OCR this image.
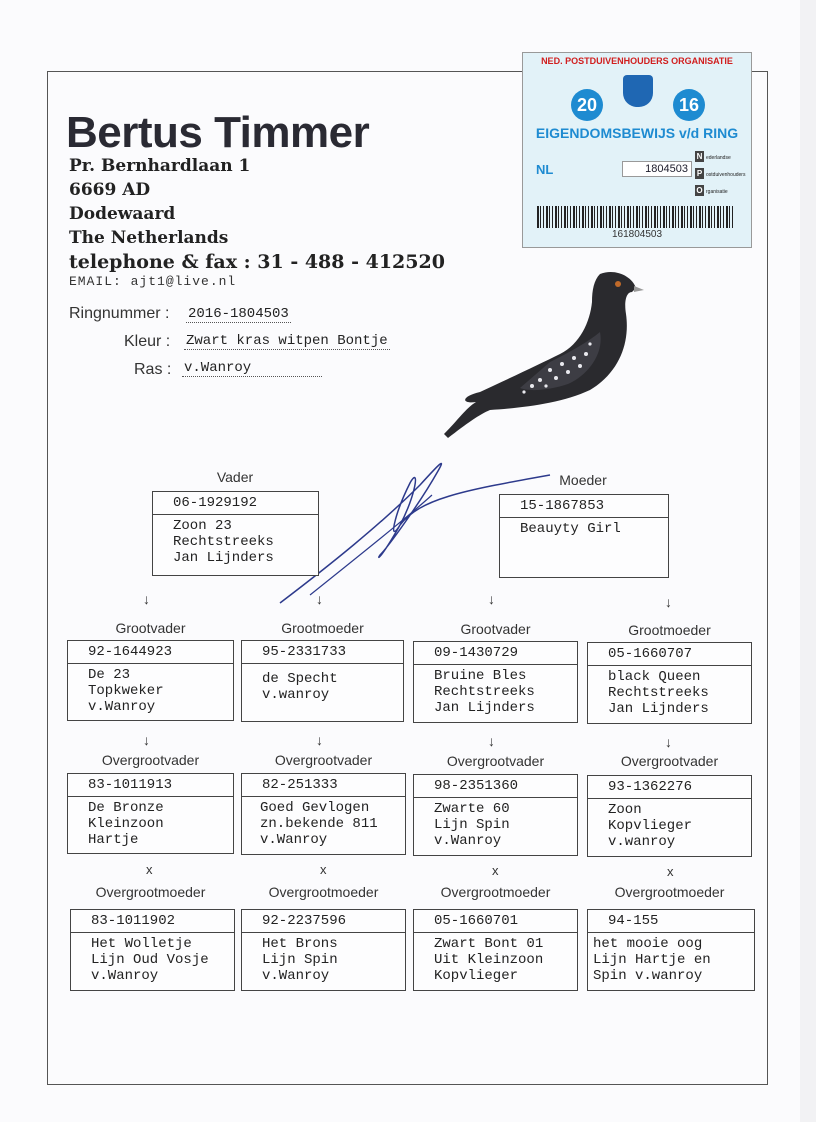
Bertus Timmer
Pr. Bernhardlaan 1
6669 AD
Dodewaard
The Netherlands
telephone & fax : 31 - 488 - 412520
EMAIL: ajt1@live.nl
Ringnummer : 2016-1804503
Kleur : Zwart kras witpen Bontje
Ras : v.Wanroy
NED. POSTDUIVENHOUDERS ORGANISATIE
20	16
EIGENDOMSBEWIJS v/d RING
NL	1804503
N ederlandse
P ostduivenhouders
O rganisatie
161804503
Vader	Moeder
06-1929192
Zoon 23
Rechtstreeks
Jan Lijnders
15-1867853
Beauyty Girl
↓	↓	↓	↓
Grootvader	Grootmoeder	Grootvader	Grootmoeder
92-1644923
De 23
Topkweker
v.Wanroy
95-2331733
de Specht
v.wanroy
09-1430729
Bruine Bles
Rechtstreeks
Jan Lijnders
05-1660707
black Queen
Rechtstreeks
Jan Lijnders
↓	↓	↓	↓
Overgrootvader	Overgrootvader	Overgrootvader	Overgrootvader
83-1011913
De Bronze
Kleinzoon
Hartje
82-251333
Goed Gevlogen
zn.bekende 811
v.Wanroy
98-2351360
Zwarte 60
Lijn Spin
v.Wanroy
93-1362276
Zoon
Kopvlieger
v.wanroy
x	x	x	x
Overgrootmoeder	Overgrootmoeder	Overgrootmoeder	Overgrootmoeder
83-1011902
Het Wolletje
Lijn Oud Vosje
v.Wanroy
92-2237596
Het Brons
Lijn Spin
v.Wanroy
05-1660701
Zwart Bont 01
Uit Kleinzoon
Kopvlieger
94-155
het mooie oog
Lijn Hartje en
Spin v.wanroy
